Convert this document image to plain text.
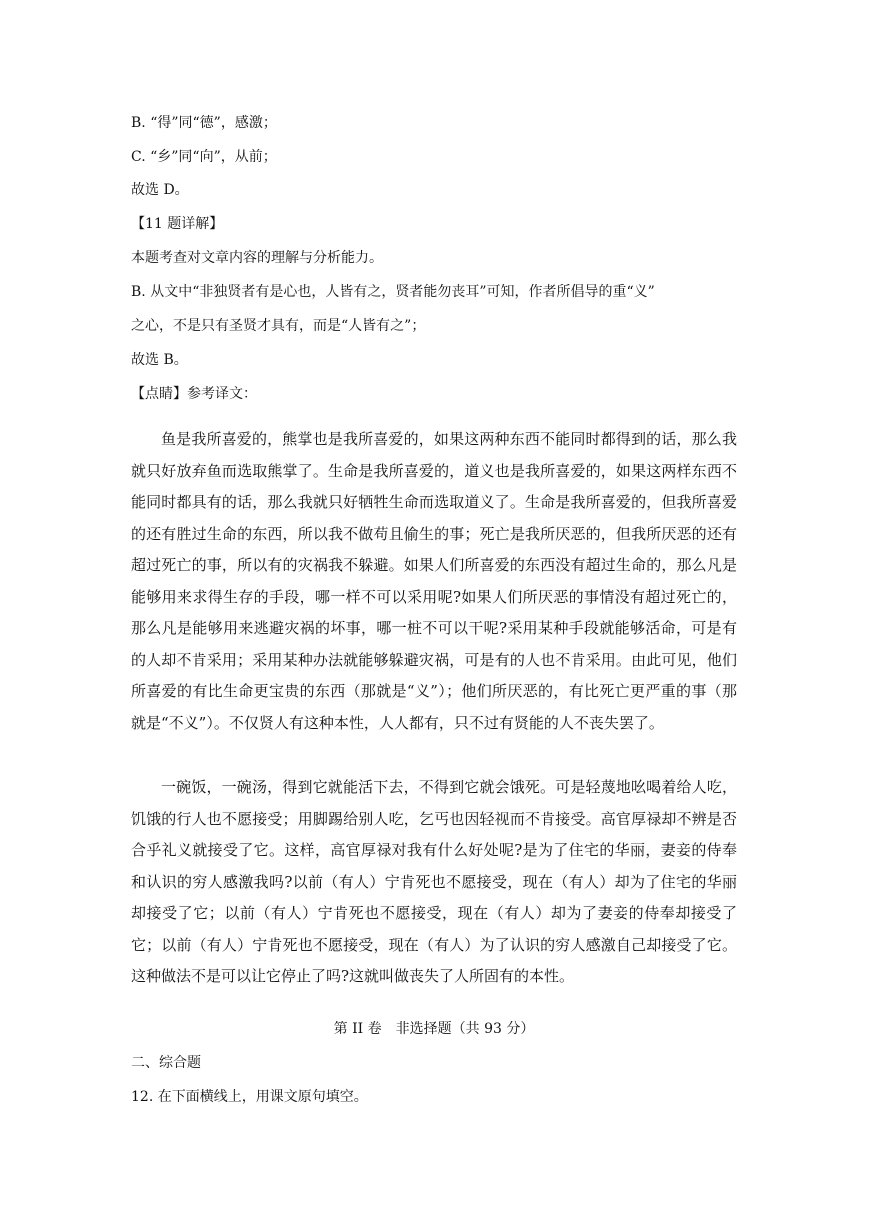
B. “得”同“德”，感激；
C. “乡”同“向”，从前；
故选 D。
【11 题详解】
本题考查对文章内容的理解与分析能力。
B. 从文中“非独贤者有是心也，人皆有之，贤者能勿丧耳”可知，作者所倡导的重“义”
之心，不是只有圣贤才具有，而是“人皆有之”；
故选 B。
【点睛】参考译文：
鱼是我所喜爱的，熊掌也是我所喜爱的，如果这两种东西不能同时都得到的话，那么我就只好放弃鱼而选取熊掌了。生命是我所喜爱的，道义也是我所喜爱的，如果这两样东西不能同时都具有的话，那么我就只好牺牲生命而选取道义了。生命是我所喜爱的，但我所喜爱的还有胜过生命的东西，所以我不做苟且偷生的事；死亡是我所厌恶的，但我所厌恶的还有超过死亡的事，所以有的灾祸我不躲避。如果人们所喜爱的东西没有超过生命的，那么凡是能够用来求得生存的手段，哪一样不可以采用呢?如果人们所厌恶的事情没有超过死亡的，那么凡是能够用来逃避灾祸的坏事，哪一桩不可以干呢?采用某种手段就能够活命，可是有的人却不肯采用；采用某种办法就能够躲避灾祸，可是有的人也不肯采用。由此可见，他们所喜爱的有比生命更宝贵的东西（那就是“义”）；他们所厌恶的，有比死亡更严重的事（那就是“不义”）。不仅贤人有这种本性，人人都有，只不过有贤能的人不丧失罢了。
一碗饭，一碗汤，得到它就能活下去，不得到它就会饿死。可是轻蔑地吆喝着给人吃，饥饿的行人也不愿接受；用脚踢给别人吃，乞丐也因轻视而不肯接受。高官厚禄却不辨是否合乎礼义就接受了它。这样，高官厚禄对我有什么好处呢?是为了住宅的华丽，妻妾的侍奉和认识的穷人感激我吗?以前（有人）宁肯死也不愿接受，现在（有人）却为了住宅的华丽却接受了它；以前（有人）宁肯死也不愿接受，现在（有人）却为了妻妾的侍奉却接受了它；以前（有人）宁肯死也不愿接受，现在（有人）为了认识的穷人感激自己却接受了它。这种做法不是可以让它停止了吗?这就叫做丧失了人所固有的本性。
第 II 卷　非选择题（共 93 分）
二、综合题
12. 在下面横线上，用课文原句填空。
